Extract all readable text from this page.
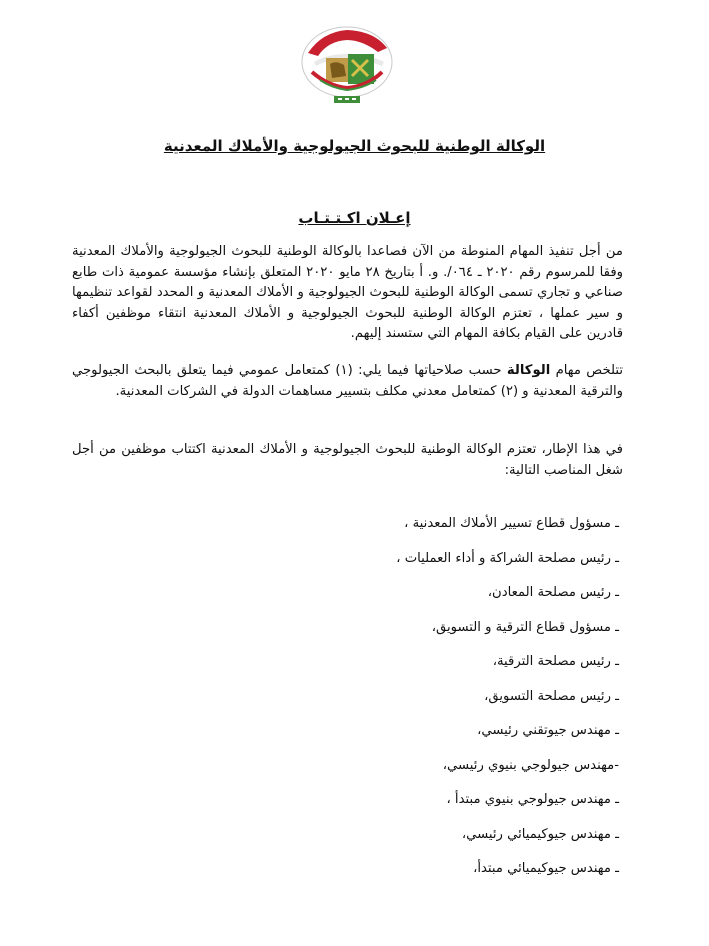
الوكالة الوطنية للبحوث الجيولوجية والأملاك المعدنية
إعـلان اكـتـتـاب

من أجل تنفيذ المهام المنوطة من الآن فصاعدا بالوكالة الوطنية للبحوث الجيولوجية والأملاك المعدنية وفقا للمرسوم رقم ٢٠٢٠ ـ ٠٦٤/. و. أ بتاريخ ٢٨ مايو ٢٠٢٠ المتعلق بإنشاء مؤسسة عمومية ذات طابع صناعي و تجاري تسمى الوكالة الوطنية للبحوث الجيولوجية و الأملاك المعدنية و المحدد لقواعد تنظيمها و سير عملها ، تعتزم الوكالة الوطنية للبحوث الجيولوجية و الأملاك المعدنية انتقاء موظفين أكفاء قادرين على القيام بكافة المهام التي ستسند إليهم.

تتلخص مهام الوكالة حسب صلاحياتها فيما يلي: (١) كمتعامل عمومي فيما يتعلق بالبحث الجيولوجي والترقية المعدنية و (٢) كمتعامل معدني مكلف بتسيير مساهمات الدولة في الشركات المعدنية.

في هذا الإطار، تعتزم الوكالة الوطنية للبحوث الجيولوجية و الأملاك المعدنية اكتتاب موظفين من أجل شغل المناصب التالية:

ـ مسؤول قطاع تسيير الأملاك المعدنية ،
ـ رئيس مصلحة الشراكة و أداء العمليات ،
ـ رئيس مصلحة المعادن،
ـ مسؤول قطاع الترقية و التسويق،
ـ رئيس مصلحة الترقية،
ـ رئيس مصلحة التسويق،
ـ مهندس جيوتقني رئيسي،
-مهندس جيولوجي بنيوي رئيسي،
ـ مهندس جيولوجي بنيوي مبتدأ ،
ـ مهندس جيوكيميائي رئيسي،
ـ مهندس جيوكيميائي مبتدأ،
